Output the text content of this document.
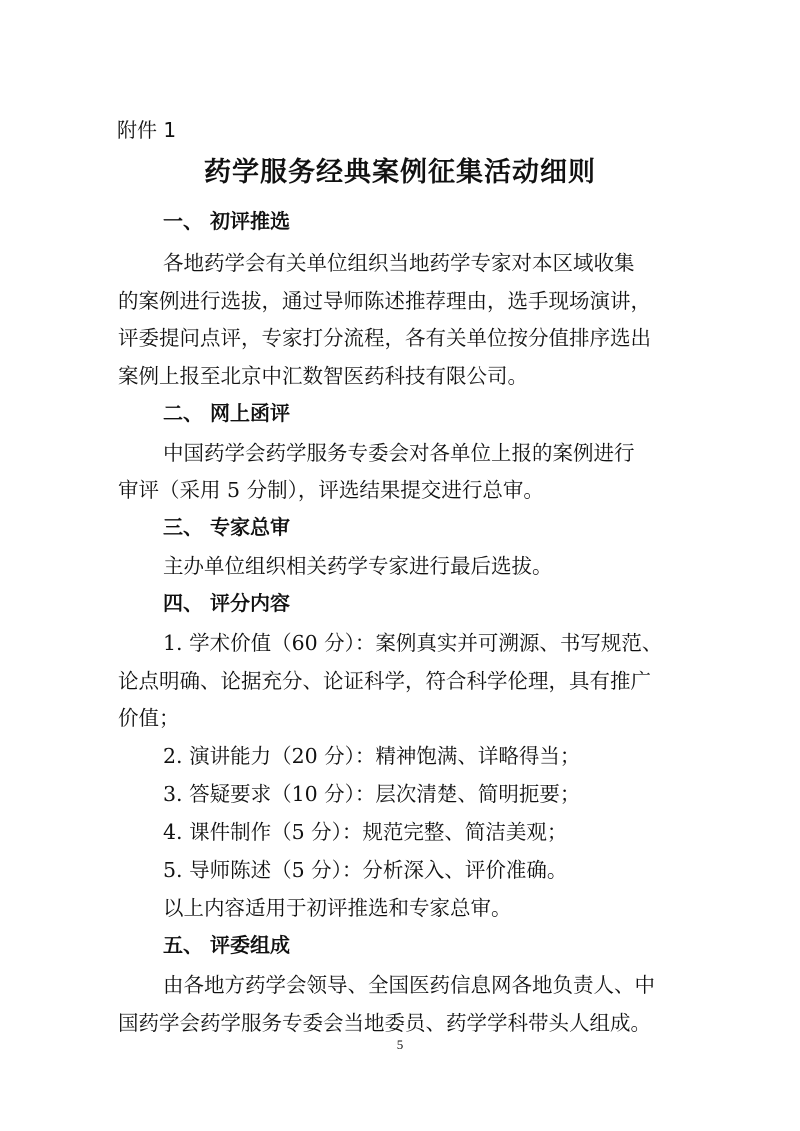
附件 1
药学服务经典案例征集活动细则
一、 初评推选
各地药学会有关单位组织当地药学专家对本区域收集
的案例进行选拔，通过导师陈述推荐理由，选手现场演讲，
评委提问点评，专家打分流程，各有关单位按分值排序选出
案例上报至北京中汇数智医药科技有限公司。
二、 网上函评
中国药学会药学服务专委会对各单位上报的案例进行
审评（采用 5 分制），评选结果提交进行总审。
三、 专家总审
主办单位组织相关药学专家进行最后选拔。
四、 评分内容
1. 学术价值（60 分）：案例真实并可溯源、书写规范、
论点明确、论据充分、论证科学，符合科学伦理，具有推广
价值；
2. 演讲能力（20 分）：精神饱满、详略得当；
3. 答疑要求（10 分）：层次清楚、简明扼要；
4. 课件制作（5 分）：规范完整、简洁美观；
5. 导师陈述（5 分）：分析深入、评价准确。
以上内容适用于初评推选和专家总审。
五、 评委组成
由各地方药学会领导、全国医药信息网各地负责人、中
国药学会药学服务专委会当地委员、药学学科带头人组成。
5
